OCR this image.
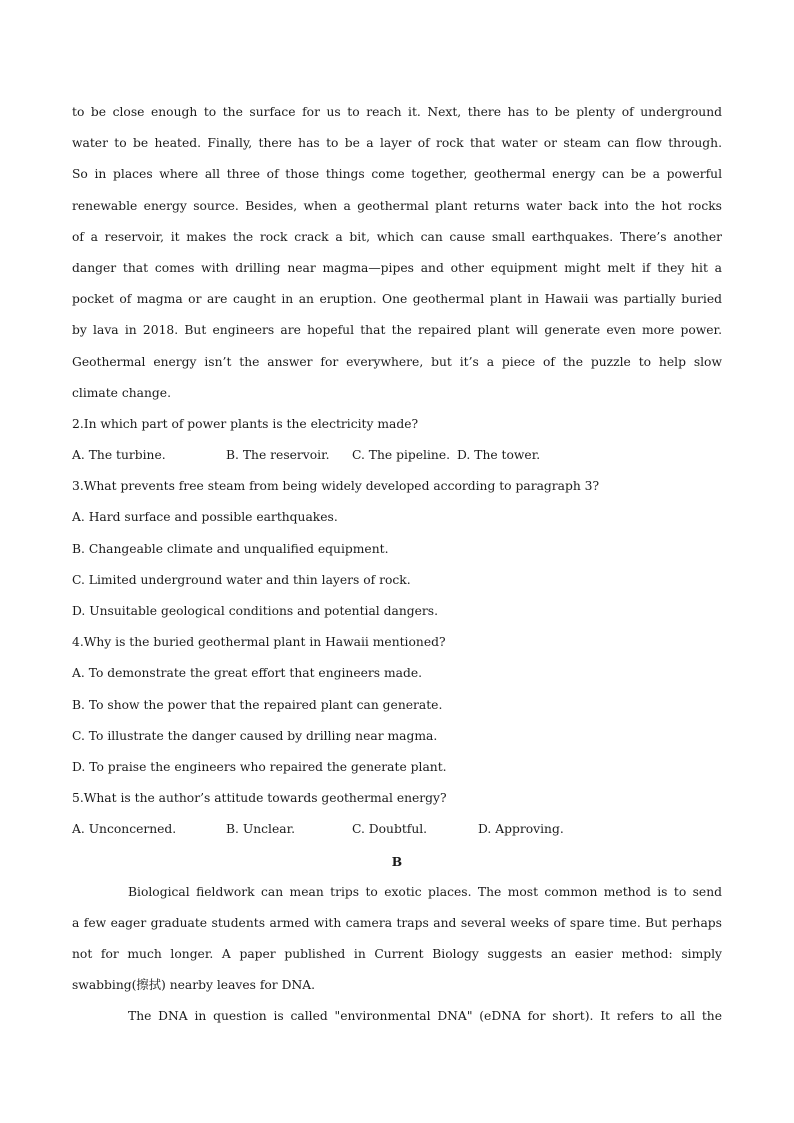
to be close enough to the surface for us to reach it. Next, there has to be plenty of underground
water to be heated. Finally, there has to be a layer of rock that water or steam can flow through.
So in places where all three of those things come together, geothermal energy can be a powerful
renewable energy source. Besides, when a geothermal plant returns water back into the hot rocks
of a reservoir, it makes the rock crack a bit, which can cause small earthquakes. There’s another
danger that comes with drilling near magma—pipes and other equipment might melt if they hit a
pocket of magma or are caught in an eruption. One geothermal plant in Hawaii was partially buried
by lava in 2018. But engineers are hopeful that the repaired plant will generate even more power.
Geothermal energy isn’t the answer for everywhere, but it’s a piece of the puzzle to help slow
climate change.
2.In which part of power plants is the electricity made?
A. The turbine.	B. The reservoir.	C. The pipeline. D. The tower.
3.What prevents free steam from being widely developed according to paragraph 3?
A. Hard surface and possible earthquakes.
B. Changeable climate and unqualified equipment.
C. Limited underground water and thin layers of rock.
D. Unsuitable geological conditions and potential dangers.
4.Why is the buried geothermal plant in Hawaii mentioned?
A. To demonstrate the great effort that engineers made.
B. To show the power that the repaired plant can generate.
C. To illustrate the danger caused by drilling near magma.
D. To praise the engineers who repaired the generate plant.
5.What is the author’s attitude towards geothermal energy?
A. Unconcerned.	B. Unclear.	C. Doubtful.	D. Approving.
B
Biological fieldwork can mean trips to exotic places. The most common method is to send
a few eager graduate students armed with camera traps and several weeks of spare time. But perhaps
not for much longer. A paper published in Current Biology suggests an easier method: simply
swabbing(擦拭) nearby leaves for DNA.
The DNA in question is called "environmental DNA" (eDNA for short). It refers to all the
